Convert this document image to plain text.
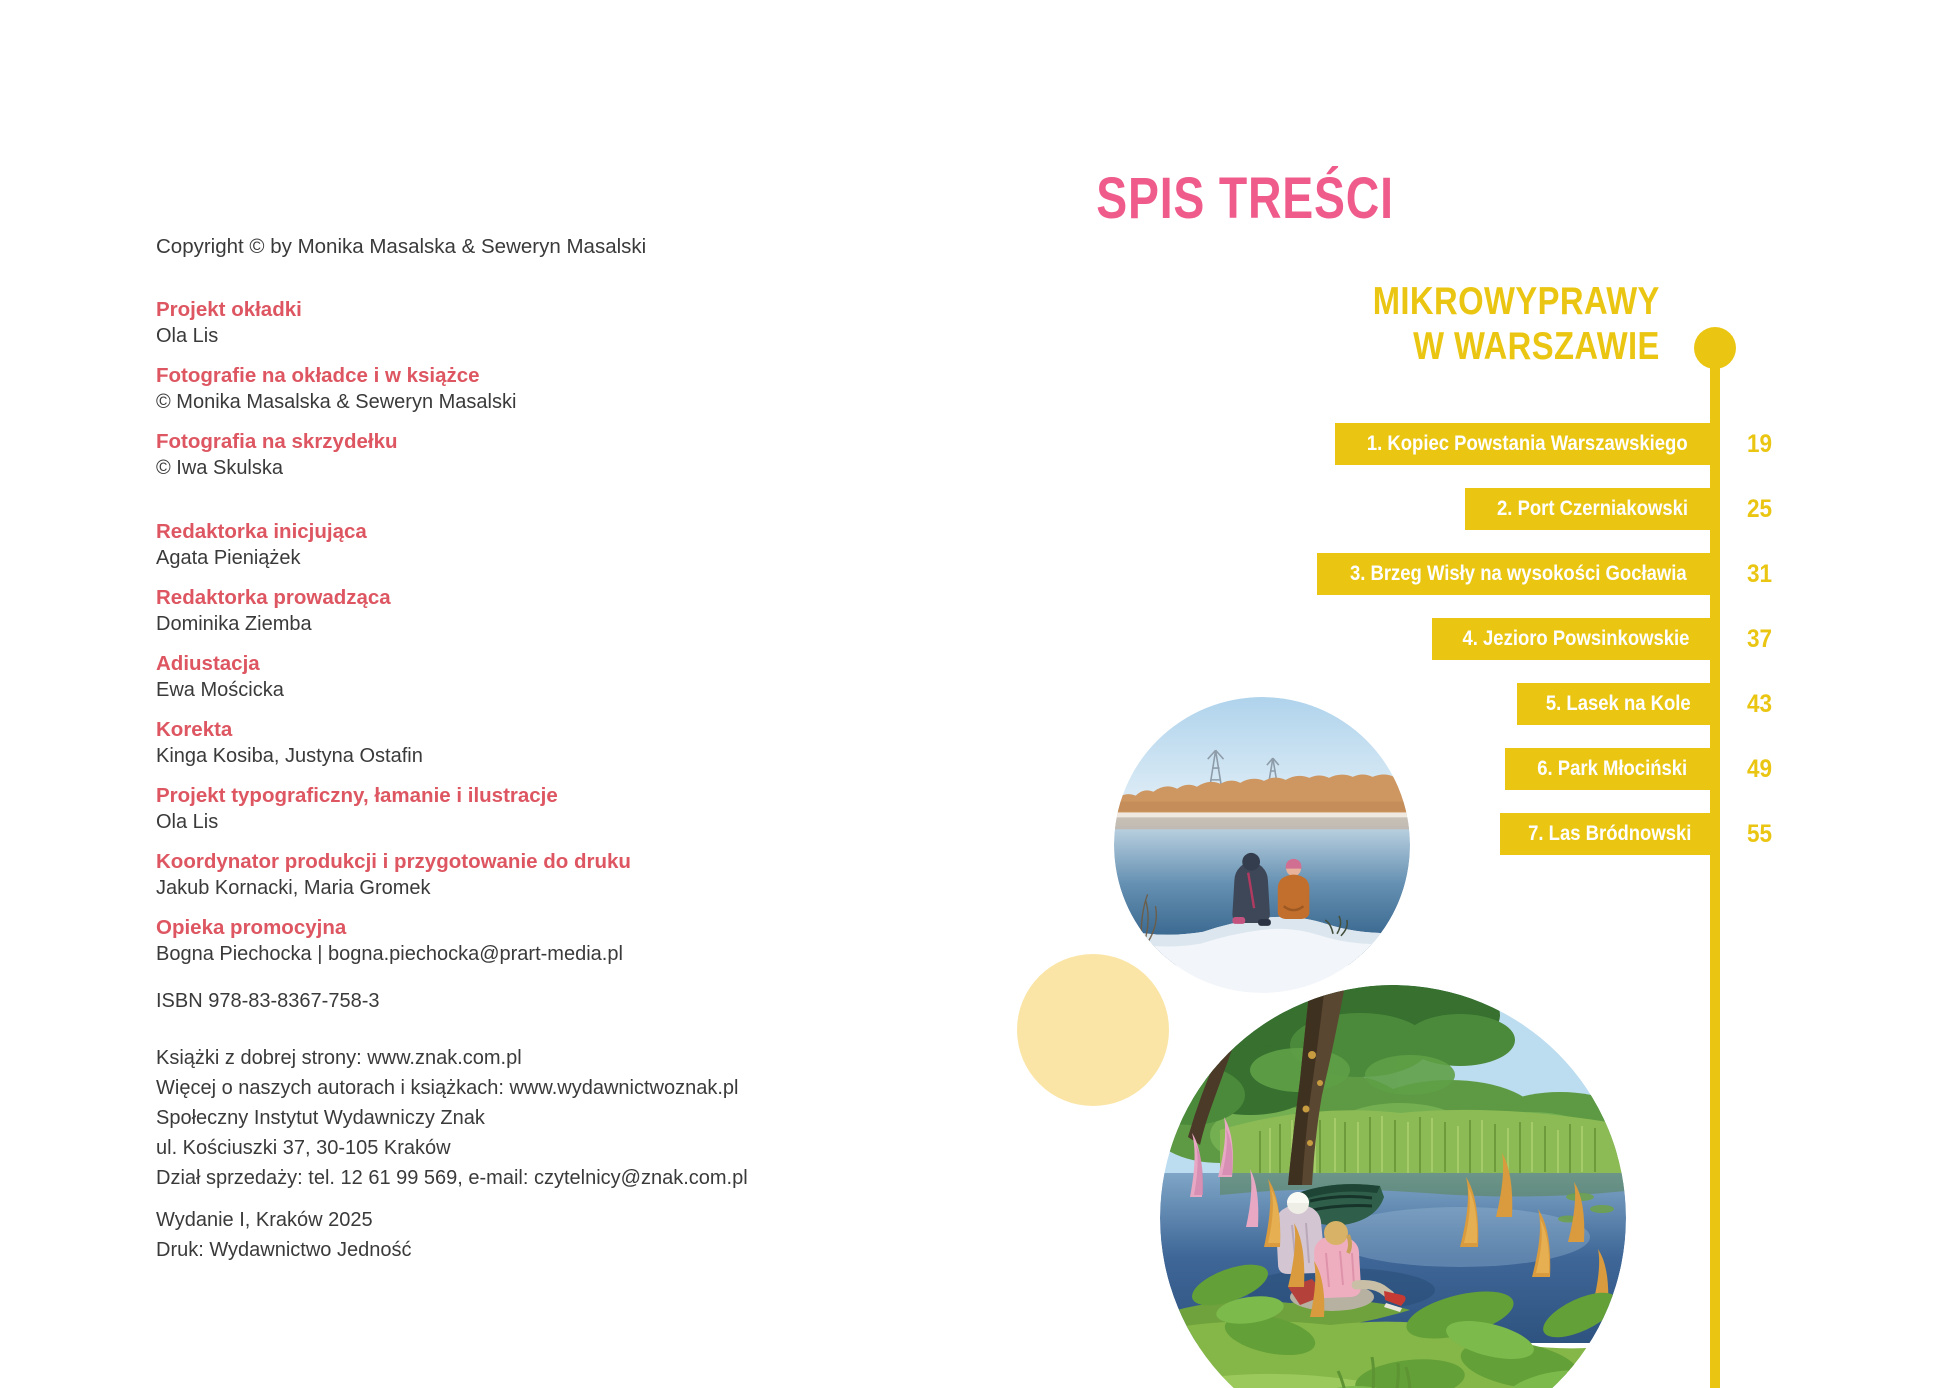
Copyright © by Monika Masalska & Seweryn Masalski

Projekt okładki
Ola Lis
Fotografie na okładce i w książce
© Monika Masalska & Seweryn Masalski
Fotografia na skrzydełku
© Iwa Skulska
Redaktorka inicjująca
Agata Pieniążek
Redaktorka prowadząca
Dominika Ziemba
Adiustacja
Ewa Mościcka
Korekta
Kinga Kosiba, Justyna Ostafin
Projekt typograficzny, łamanie i ilustracje
Ola Lis
Koordynator produkcji i przygotowanie do druku
Jakub Kornacki, Maria Gromek
Opieka promocyjna
Bogna Piechocka | bogna.piechocka@prart-media.pl

ISBN 978-83-8367-758-3

Książki z dobrej strony: www.znak.com.pl
Więcej o naszych autorach i książkach: www.wydawnictwoznak.pl
Społeczny Instytut Wydawniczy Znak
ul. Kościuszki 37, 30-105 Kraków
Dział sprzedaży: tel. 12 61 99 569, e-mail: czytelnicy@znak.com.pl
Wydanie I, Kraków 2025
Druk: Wydawnictwo Jedność
SPIS TREŚCI
MIKROWYPRAWY
W WARSZAWIE
1. Kopiec Powstania Warszawskiego 19
2. Port Czerniakowski 25
3. Brzeg Wisły na wysokości Gocławia 31
4. Jezioro Powsinkowskie 37
5. Lasek na Kole 43
6. Park Młociński 49
7. Las Bródnowski 55
